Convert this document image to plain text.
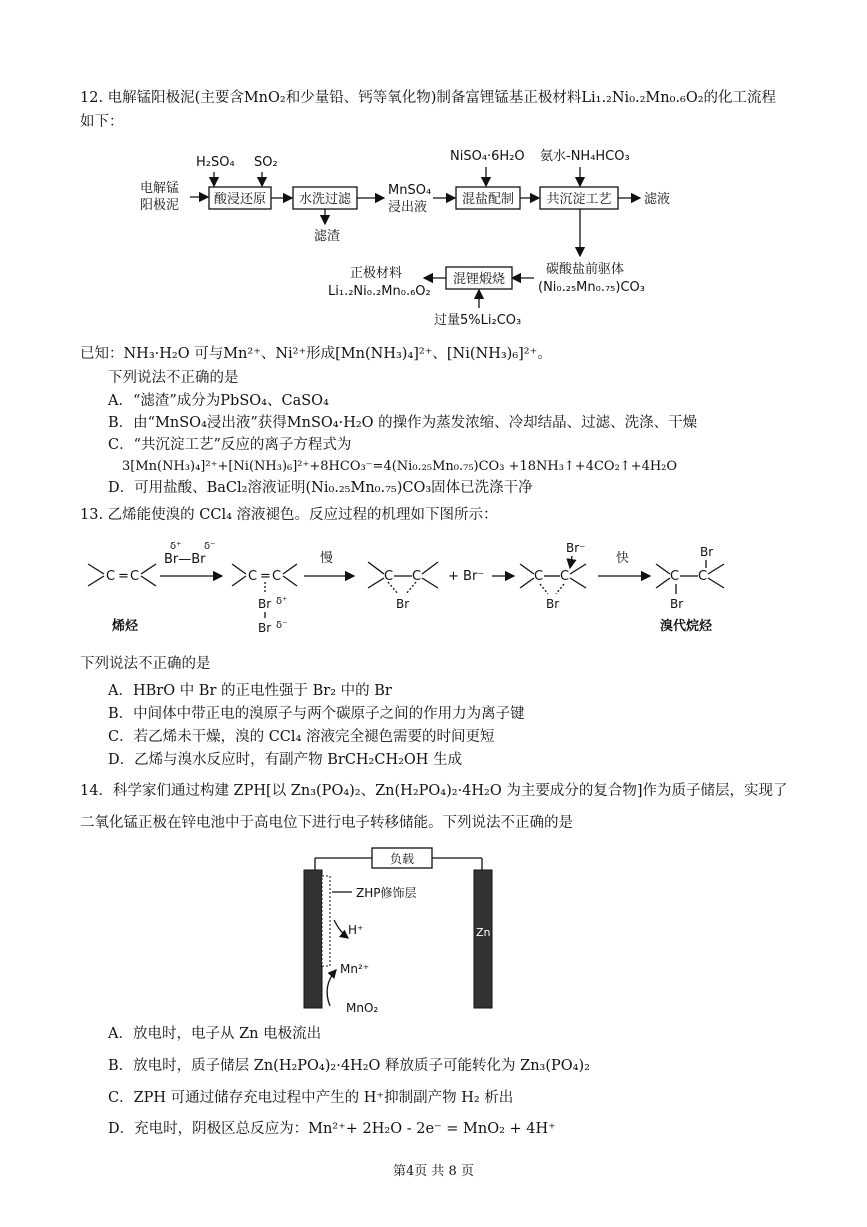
12. 电解锰阳极泥(主要含MnO₂和少量铅、钙等氧化物)制备富锂锰基正极材料Li₁.₂Ni₀.₂Mn₀.₆O₂的化工流程
如下：
电解锰
阳极泥
H₂SO₄ SO₂
酸浸还原	水洗过滤
滤渣
MnSO₄
浸出液
NiSO₄·6H₂O
混盐配制
氨水-NH₄HCO₃
共沉淀工艺 滤液
碳酸盐前驱体
(Ni₀.₂₅Mn₀.₇₅)CO₃
混锂煅烧
过量5%Li₂CO₃
正极材料
Li₁.₂Ni₀.₂Mn₀.₆O₂
已知：NH₃·H₂O 可与Mn²⁺、Ni²⁺形成[Mn(NH₃)₄]²⁺、[Ni(NH₃)₆]²⁺。
下列说法不正确的是
A．“滤渣”成分为PbSO₄、CaSO₄
B．由“MnSO₄浸出液”获得MnSO₄·H₂O 的操作为蒸发浓缩、冷却结晶、过滤、洗涤、干燥
C．“共沉淀工艺”反应的离子方程式为
3[Mn(NH₃)₄]²⁺+[Ni(NH₃)₆]²⁺+8HCO₃⁻=4(Ni₀.₂₅Mn₀.₇₅)CO₃ +18NH₃↑+4CO₂↑+4H₂O
D．可用盐酸、BaCl₂溶液证明(Ni₀.₂₅Mn₀.₇₅)CO₃固体已洗涤干净
13. 乙烯能使溴的 CCl₄ 溶液褪色。反应过程的机理如下图所示：
C = C
烯烃
δ⁺ δ⁻
Br—Br
C = C
Br δ⁺
Br δ⁻
慢
C C
Br
+ Br⁻
Br⁻
C C
Br
快	Br
C C
Br
溴代烷烃
下列说法不正确的是
A．HBrO 中 Br 的正电性强于 Br₂ 中的 Br
B．中间体中带正电的溴原子与两个碳原子之间的作用力为离子键
C．若乙烯未干燥，溴的 CCl₄ 溶液完全褪色需要的时间更短
D．乙烯与溴水反应时，有副产物 BrCH₂CH₂OH 生成
14．科学家们通过构建 ZPH[以 Zn₃(PO₄)₂、Zn(H₂PO₄)₂·4H₂O 为主要成分的复合物]作为质子储层，实现了
二氧化锰正极在锌电池中于高电位下进行电子转移储能。下列说法不正确的是
负载
ZHP修饰层
H⁺
Mn²⁺
MnO₂
Zn
A．放电时，电子从 Zn 电极流出
B．放电时，质子储层 Zn(H₂PO₄)₂·4H₂O 释放质子可能转化为 Zn₃(PO₄)₂
C．ZPH 可通过储存充电过程中产生的 H⁺抑制副产物 H₂ 析出
D．充电时，阴极区总反应为：Mn²⁺+ 2H₂O - 2e⁻ = MnO₂ + 4H⁺
第4页 共 8 页
